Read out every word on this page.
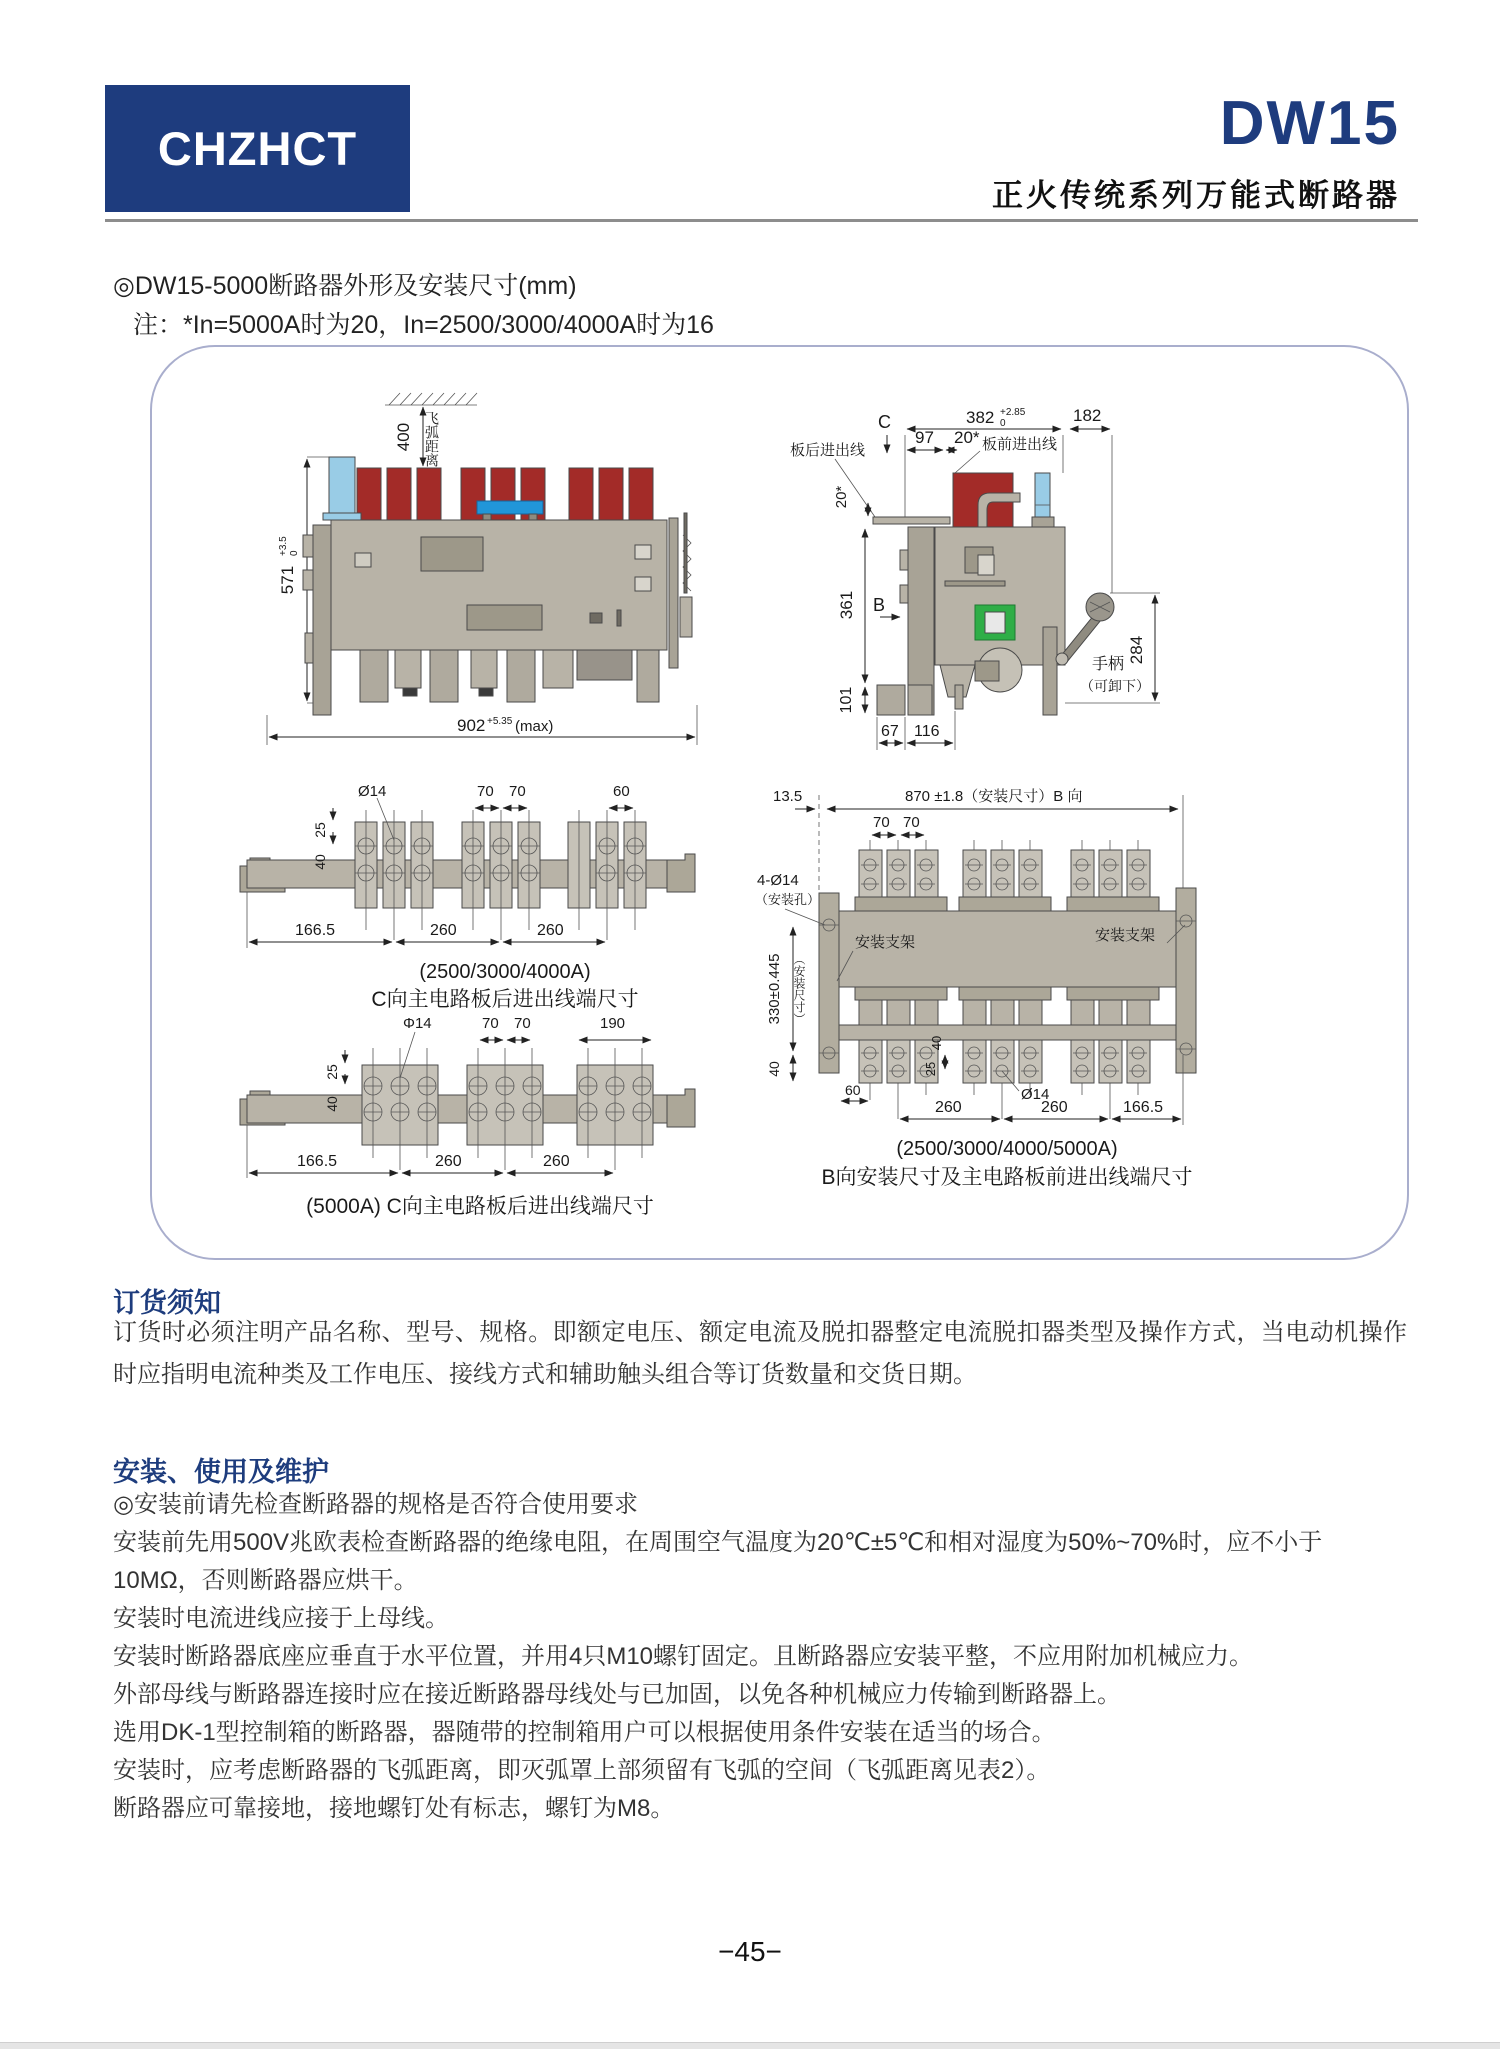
CHZHCT	DW15
正火传统系列万能式断路器
◎DW15-5000断路器外形及安装尺寸(mm)
注：*In=5000A时为20，In=2500/3000/4000A时为16
400 飞弧距离
571
+3.5 0
902 +5.35 (max)
C	382 +2.85
0	182
97 20* 板前进出线
板后进出线
20*
B
361
手柄
（可卸下）
284
101
67 116
25
40
Ø14	70 70	60
166.5	260	260
(2500/3000/4000A)
C向主电路板后进出线端尺寸
Φ14
25
40
70 70	190
166.5	260	260
(5000A) C向主电路板后进出线端尺寸
13.5	870 ±1.8（安装尺寸）B 向
70 70
4-Ø14
（安装孔）
安装支架	安装支架
330±0.445 （安装尺寸）
40
60
25
40
Ø14
260	260	166.5
(2500/3000/4000/5000A)
B向安装尺寸及主电路板前进出线端尺寸
订货须知
订货时必须注明产品名称、型号、规格。即额定电压、额定电流及脱扣器整定电流脱扣器类型及操作方式，当电动机操作时应指明电流种类及工作电压、接线方式和辅助触头组合等订货数量和交货日期。
安装、使用及维护

◎安装前请先检查断路器的规格是否符合使用要求

安装前先用500V兆欧表检查断路器的绝缘电阻，在周围空气温度为20℃±5℃和相对湿度为50%~70%时，应不小于10MΩ，否则断路器应烘干。

安装时电流进线应接于上母线。

安装时断路器底座应垂直于水平位置，并用4只M10螺钉固定。且断路器应安装平整，不应用附加机械应力。

外部母线与断路器连接时应在接近断路器母线处与已加固，以免各种机械应力传输到断路器上。

选用DK-1型控制箱的断路器，器随带的控制箱用户可以根据使用条件安装在适当的场合。

安装时，应考虑断路器的飞弧距离，即灭弧罩上部须留有飞弧的空间（飞弧距离见表2）。

断路器应可靠接地，接地螺钉处有标志，螺钉为M8。

−45−
